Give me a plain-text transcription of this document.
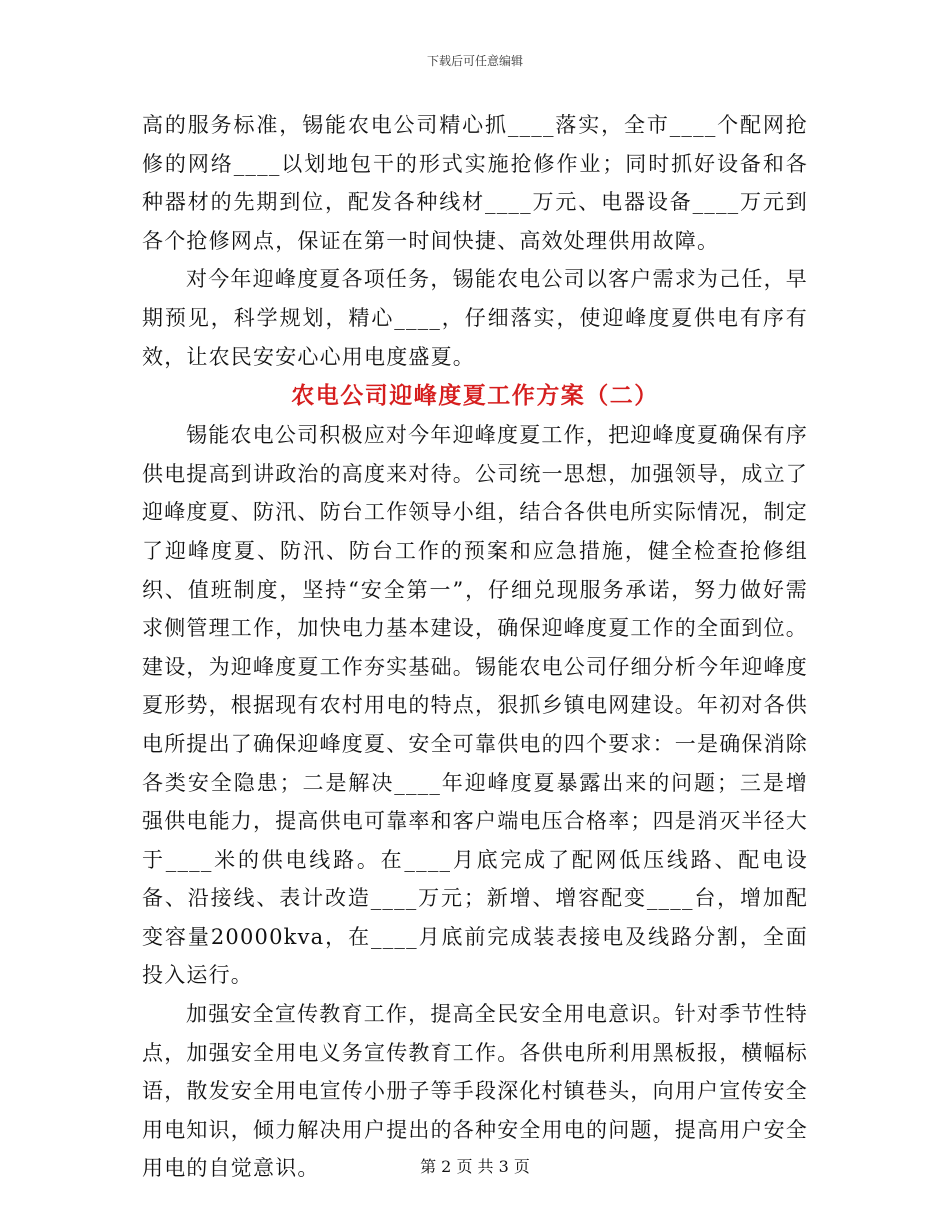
下载后可任意编辑

高的服务标准，锡能农电公司精心抓____落实，全市____个配网抢修的网络____以划地包干的形式实施抢修作业；同时抓好设备和各种器材的先期到位，配发各种线材____万元、电器设备____万元到各个抢修网点，保证在第一时间快捷、高效处理供用故障。

对今年迎峰度夏各项任务，锡能农电公司以客户需求为己任，早期预见，科学规划，精心____，仔细落实，使迎峰度夏供电有序有效，让农民安安心心用电度盛夏。

农电公司迎峰度夏工作方案（二）

锡能农电公司积极应对今年迎峰度夏工作，把迎峰度夏确保有序供电提高到讲政治的高度来对待。公司统一思想，加强领导，成立了迎峰度夏、防汛、防台工作领导小组，结合各供电所实际情况，制定了迎峰度夏、防汛、防台工作的预案和应急措施，健全检查抢修组织、值班制度，坚持“安全第一”，仔细兑现服务承诺，努力做好需求侧管理工作，加快电力基本建设，确保迎峰度夏工作的全面到位。建设，为迎峰度夏工作夯实基础。锡能农电公司仔细分析今年迎峰度夏形势，根据现有农村用电的特点，狠抓乡镇电网建设。年初对各供电所提出了确保迎峰度夏、安全可靠供电的四个要求：一是确保消除各类安全隐患；二是解决____年迎峰度夏暴露出来的问题；三是增强供电能力，提高供电可靠率和客户端电压合格率；四是消灭半径大于____米的供电线路。在____月底完成了配网低压线路、配电设备、沿接线、表计改造____万元；新增、增容配变____台，增加配变容量20000kva，在____月底前完成装表接电及线路分割，全面投入运行。

加强安全宣传教育工作，提高全民安全用电意识。针对季节性特点，加强安全用电义务宣传教育工作。各供电所利用黑板报，横幅标语，散发安全用电宣传小册子等手段深化村镇巷头，向用户宣传安全用电知识，倾力解决用户提出的各种安全用电的问题，提高用户安全用电的自觉意识。	第 2 页 共 3 页
